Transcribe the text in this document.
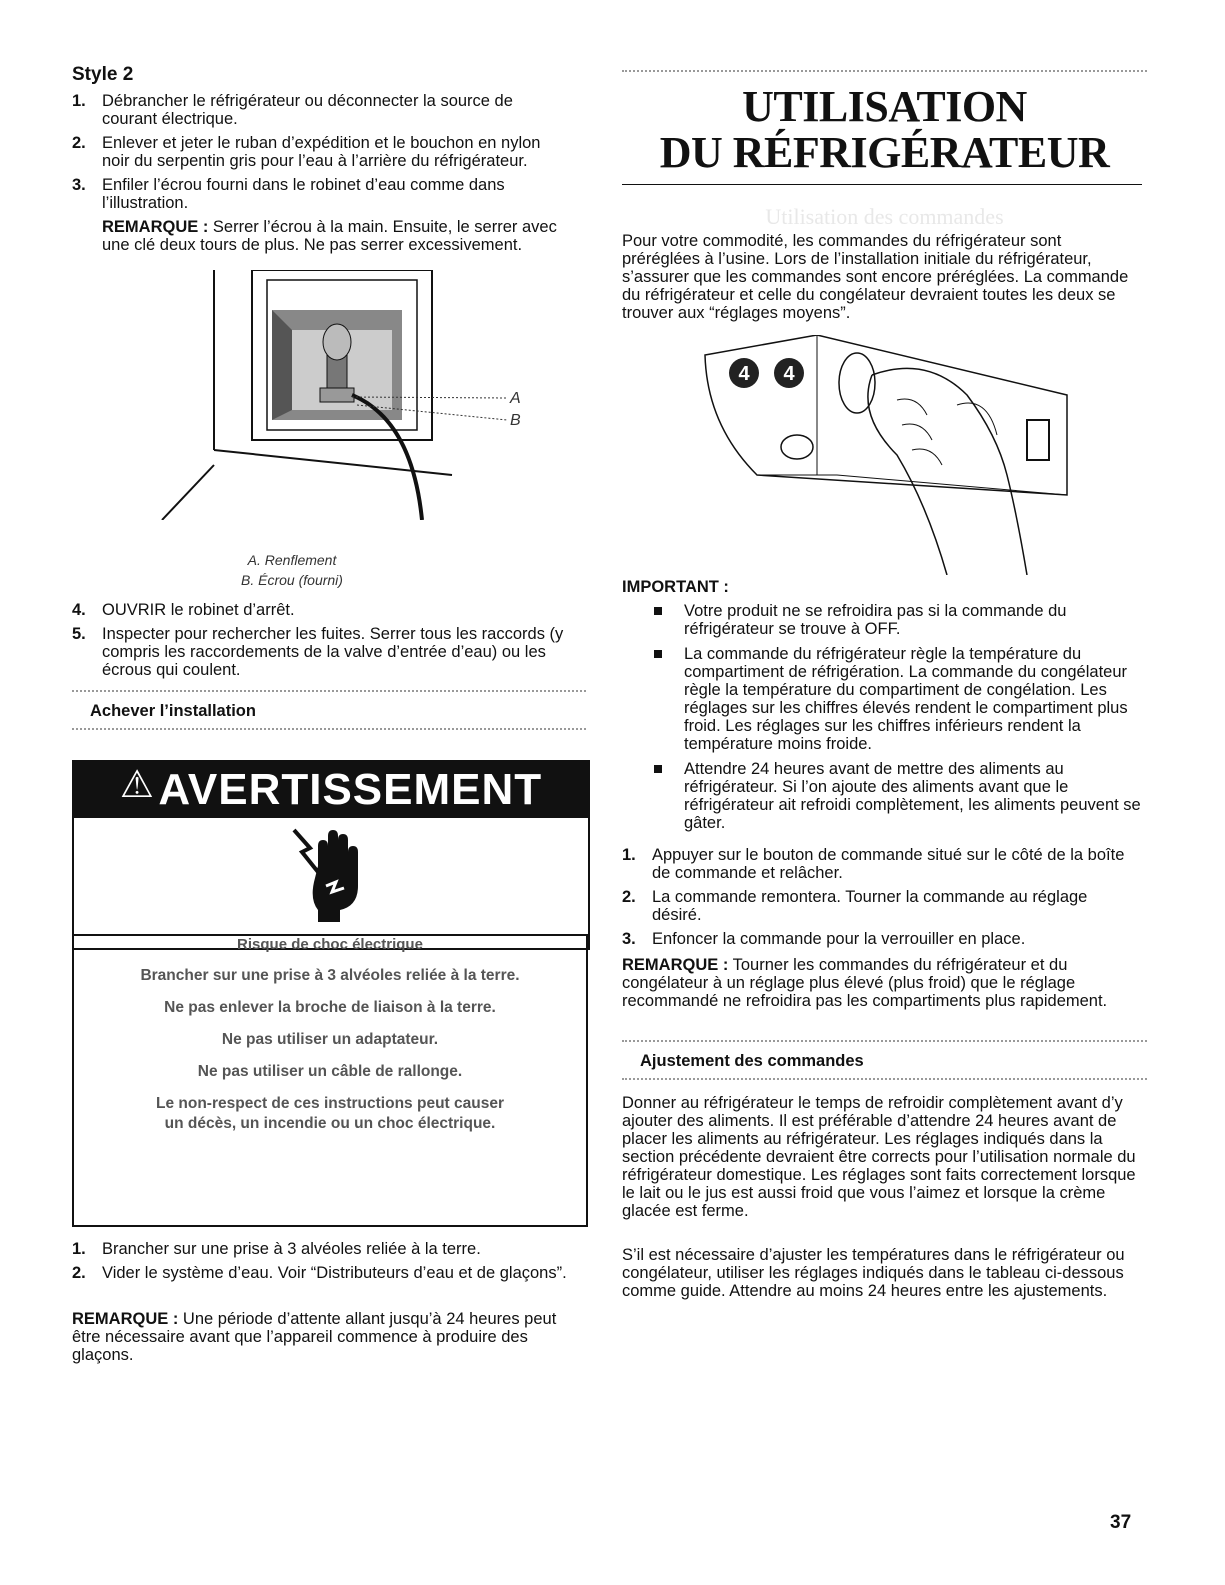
Style 2
1. Débrancher le réfrigérateur ou déconnecter la source de courant électrique.
2. Enlever et jeter le ruban d’expédition et le bouchon en nylon noir du serpentin gris pour l’eau à l’arrière du réfrigérateur.
3. Enfiler l’écrou fourni dans le robinet d’eau comme dans l’illustration.

REMARQUE : Serrer l’écrou à la main. Ensuite, le serrer avec une clé deux tours de plus. Ne pas serrer excessivement.

A
B
A. Renflement
B. Écrou (fourni)
4. OUVRIR le robinet d’arrêt.
5. Inspecter pour rechercher les fuites. Serrer tous les raccords (y compris les raccordements de la valve d’entrée d’eau) ou les écrous qui coulent.
Achever l’installation
⚠ AVERTISSEMENT
Risque de choc électrique
Brancher sur une prise à 3 alvéoles reliée à la terre.
Ne pas enlever la broche de liaison à la terre.
Ne pas utiliser un adaptateur.
Ne pas utiliser un câble de rallonge.
Le non-respect de ces instructions peut causer
un décès, un incendie ou un choc électrique.
1. Brancher sur une prise à 3 alvéoles reliée à la terre.
2. Vider le système d’eau. Voir “Distributeurs d’eau et de glaçons”.

REMARQUE : Une période d’attente allant jusqu’à 24 heures peut être nécessaire avant que l’appareil commence à produire des glaçons.

UTILISATION
DU RÉFRIGÉRATEUR
Utilisation des commandes

Pour votre commodité, les commandes du réfrigérateur sont préréglées à l’usine. Lors de l’installation initiale du réfrigérateur, s’assurer que les commandes sont encore préréglées. La commande du réfrigérateur et celle du congélateur devraient toutes les deux se trouver aux “réglages moyens”.

4 4
IMPORTANT :
Votre produit ne se refroidira pas si la commande du réfrigérateur se trouve à OFF.
La commande du réfrigérateur règle la température du compartiment de réfrigération. La commande du congélateur règle la température du compartiment de congélation. Les réglages sur les chiffres élevés rendent le compartiment plus froid. Les réglages sur les chiffres inférieurs rendent la température moins froide.
Attendre 24 heures avant de mettre des aliments au réfrigérateur. Si l’on ajoute des aliments avant que le réfrigérateur ait refroidi complètement, les aliments peuvent se gâter.
1. Appuyer sur le bouton de commande situé sur le côté de la boîte de commande et relâcher.
2. La commande remontera. Tourner la commande au réglage désiré.
3. Enfoncer la commande pour la verrouiller en place.

REMARQUE : Tourner les commandes du réfrigérateur et du congélateur à un réglage plus élevé (plus froid) que le réglage recommandé ne refroidira pas les compartiments plus rapidement.

Ajustement des commandes

Donner au réfrigérateur le temps de refroidir complètement avant d’y ajouter des aliments. Il est préférable d’attendre 24 heures avant de placer les aliments au réfrigérateur. Les réglages indiqués dans la section précédente devraient être corrects pour l’utilisation normale du réfrigérateur domestique. Les réglages sont faits correctement lorsque le lait ou le jus est aussi froid que vous l’aimez et lorsque la crème glacée est ferme.

S’il est nécessaire d’ajuster les températures dans le réfrigérateur ou congélateur, utiliser les réglages indiqués dans le tableau ci-dessous comme guide. Attendre au moins 24 heures entre les ajustements.

37
